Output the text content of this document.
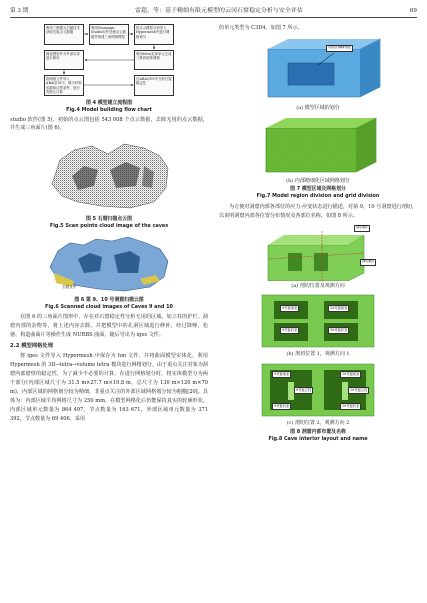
第 3 期	雷超，等：基于精细有限元模型的云冈石窟稳定分析与安全评估	69
利用三维激光扫描技术获取石窟点云数据
利用Geomagic Studio软件处理点云数据并构建三角网格模型
将点云模型分块导入Hypermesh中进行网格划分
简化模型并对外部实体进行修补
利用tetra实体单元生成三维四面体网格
将网格文件导入ABAQUS中，赋予材料参数和边界条件，进行有限元计算
在ABAQUS中分析石窟稳定性
图 4 模型建立流程图
Fig.4 Model building flow chart
studio 软件(图 5)。初始的点云图包括 543 008 个点云数据，去除无用的点云数据，并生成三角面片(图 6)。
图 5 石窟扫描点云图
Fig.5 Scan points cloud image of the caves
石窟文件
图 6 第 9、10 号洞窟扫描云图
Fig.6 Scanned cloud images of Caves 9 and 10
在图 6 的三角面片图形中，存在对石窟稳定性分析无用的区域，如立柱的护栏、洞窟内部的杂物等，将上述内容去除，并把模型中的孔洞区域进行修补，经过降噪、松弛、构造曲面片等操作生成 NURBS 曲面，随后导出为 iges 文件。
2.2 模型网格处理
将 iges 文件导入 Hypermesh 中保存为 hm 文件，并将曲面模型实体化，利用 Hypermesh 的 3D→tetra→volume tetra 模块进行网格划分。由于重点关注对象为洞窟内部窟壁的稳定性，为了减少不必要的计算，在进行网格划分时，将实体模型分为两个部分(内部区域尺寸为 31.5 m×27.7 m×19.8 m，总尺寸为 130 m×120 m×70 m)，内部区域的网格划分较为精细，非重点关注的外部区域网格划分较为粗糙[20]。具体为：内部区域平均网格尺寸为 250 mm，在模型网格化后仍能保持真实的轮廓形状。内部区域单元数量为 864 497，节点数量为 163 671，外部区域单元数量为 371 392，节点数量为 69 406，采用
的单元类型为 C3D4，如图 7 所示。
内部区域精细化
(a) 模型区域的划分
(b) 内部精细化区域网格划分
图 7 模型区域及网格划分
Fig.7 Model region division and grid division
为方便对洞窟内部各部位的应力-应变状态进行描述，对第 9、10 号洞窟进行剖切，以说明洞窟内部各位置分布情况及各部位名称，如图 8 所示。
剖切面1
剖切面2
(a) 剖切位置及观测方向
9号窟前室	10号窟前室
9号窟后室	10号窟后室
(b) 剖切位置 1，观测方向 1
9号窟前室	10号窟前室
9号窟后室	10号窟后室
9号窟立柱	10号窟立柱
(c) 剖切位置 2，观测方向 2
图 8 洞窟内部布置及名称
Fig.8 Cave interior layout and name
